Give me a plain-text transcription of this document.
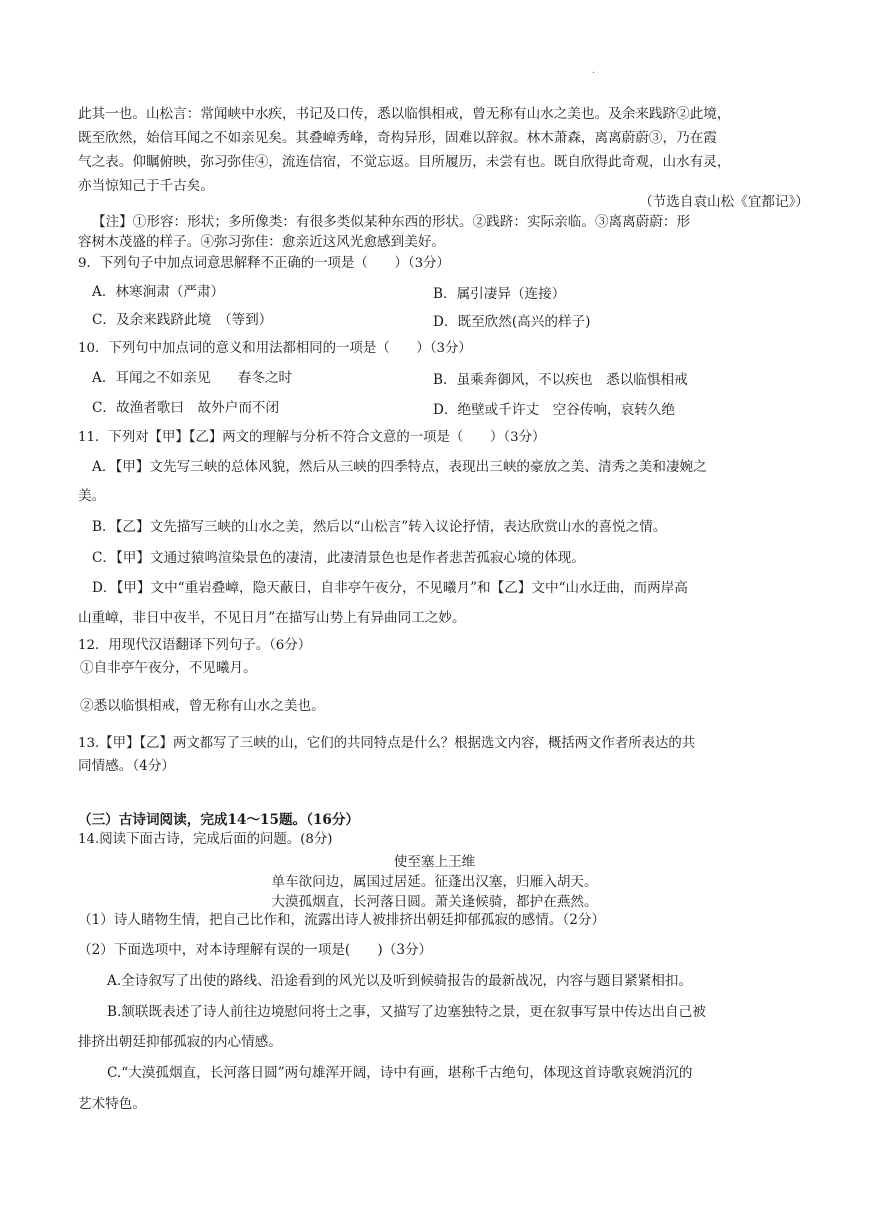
·
此其一也。山松言：常闻峡中水疾，书记及口传，悉以临惧相戒，曾无称有山水之美也。及余来践跻②此境，
既至欣然，始信耳闻之不如亲见矣。其叠嶂秀峰，奇构异形，固难以辞叙。林木萧森，离离蔚蔚③，乃在霞
气之表。仰瞩俯映，弥习弥佳④，流连信宿，不觉忘返。目所履历，未尝有也。既自欣得此奇观，山水有灵，
亦当惊知己于千古矣。
（节选自袁山松《宜都记》）
【注】①形容：形状；多所像类：有很多类似某种东西的形状。②践跻：实际亲临。③离离蔚蔚：形
容树木茂盛的样子。④弥习弥佳：愈亲近这风光愈感到美好。
9．下列句子中加点词意思解释不正确的一项是（　　）（3分）
A．林寒涧肃（严肃）	B．属引凄异（连接）
C．及余来践跻此境　（等到）	D．既至欣然(高兴的样子)
10．下列句中加点词的意义和用法都相同的一项是（　　）（3分）
A．耳闻之不如亲见　　春冬之时	B．虽乘奔御风，不以疾也　悉以临惧相戒
C．故渔者歌曰　故外户而不闭	D．绝壁或千许丈　空谷传响，哀转久绝
11．下列对【甲】【乙】两文的理解与分析不符合文意的一项是（　　）（3分）
A．【甲】文先写三峡的总体风貌，然后从三峡的四季特点，表现出三峡的豪放之美、清秀之美和凄婉之
美。
B．【乙】文先描写三峡的山水之美，然后以“山松言”转入议论抒情，表达欣赏山水的喜悦之情。
C．【甲】文通过猿鸣渲染景色的凄清，此凄清景色也是作者悲苦孤寂心境的体现。
D．【甲】文中“重岩叠嶂，隐天蔽日，自非亭午夜分，不见曦月”和【乙】文中“山水迂曲，而两岸高
山重嶂，非日中夜半，不见日月”在描写山势上有异曲同工之妙。
12．用现代汉语翻译下列句子。（6分）
①自非亭午夜分，不见曦月。
②悉以临惧相戒，曾无称有山水之美也。
13.【甲】【乙】两文都写了三峡的山，它们的共同特点是什么？根据选文内容，概括两文作者所表达的共
同情感。（4分）
（三）古诗词阅读，完成14～15题。（16分）
14.阅读下面古诗，完成后面的问题。(8分)
使至塞上王维
单车欲问边，属国过居延。征蓬出汉塞，归雁入胡天。
大漠孤烟直，长河落日圆。萧关逢候骑，都护在燕然。
（1）诗人睹物生情，把自己比作和，流露出诗人被排挤出朝廷抑郁孤寂的感情。（2分）
（2）下面选项中，对本诗理解有误的一项是(　　)（3分）
A.全诗叙写了出使的路线、沿途看到的风光以及听到候骑报告的最新战况，内容与题目紧紧相扣。
B.颔联既表述了诗人前往边境慰问将士之事，又描写了边塞独特之景，更在叙事写景中传达出自己被
排挤出朝廷抑郁孤寂的内心情感。
C.“大漠孤烟直，长河落日圆”两句雄浑开阔，诗中有画，堪称千古绝句，体现这首诗歌哀婉消沉的
艺术特色。
